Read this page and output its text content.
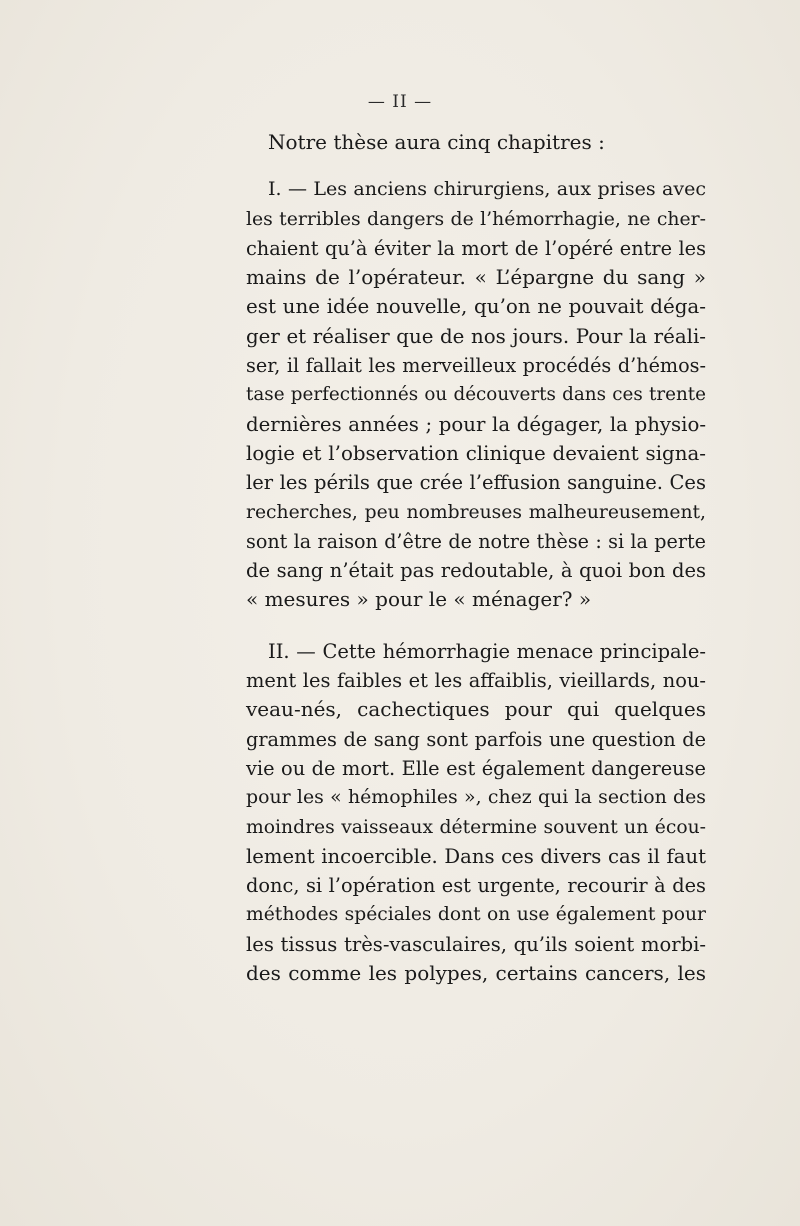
— II —
Notre thèse aura cinq chapitres :
I. — Les anciens chirurgiens, aux prises avec
les terribles dangers de l’hémorrhagie, ne cher-
chaient qu’à éviter la mort de l’opéré entre les
mains de l’opérateur. « L’épargne du sang »
est une idée nouvelle, qu’on ne pouvait déga-
ger et réaliser que de nos jours. Pour la réali-
ser, il fallait les merveilleux procédés d’hémos-
tase perfectionnés ou découverts dans ces trente
dernières années ; pour la dégager, la physio-
logie et l’observation clinique devaient signa-
ler les périls que crée l’effusion sanguine. Ces
recherches, peu nombreuses malheureusement,
sont la raison d’être de notre thèse : si la perte
de sang n’était pas redoutable, à quoi bon des
« mesures » pour le « ménager? »
II. — Cette hémorrhagie menace principale-
ment les faibles et les affaiblis, vieillards, nou-
veau-nés, cachectiques pour qui quelques
grammes de sang sont parfois une question de
vie ou de mort. Elle est également dangereuse
pour les « hémophiles », chez qui la section des
moindres vaisseaux détermine souvent un écou-
lement incoercible. Dans ces divers cas il faut
donc, si l’opération est urgente, recourir à des
méthodes spéciales dont on use également pour
les tissus très-vasculaires, qu’ils soient morbi-
des comme les polypes, certains cancers, les
